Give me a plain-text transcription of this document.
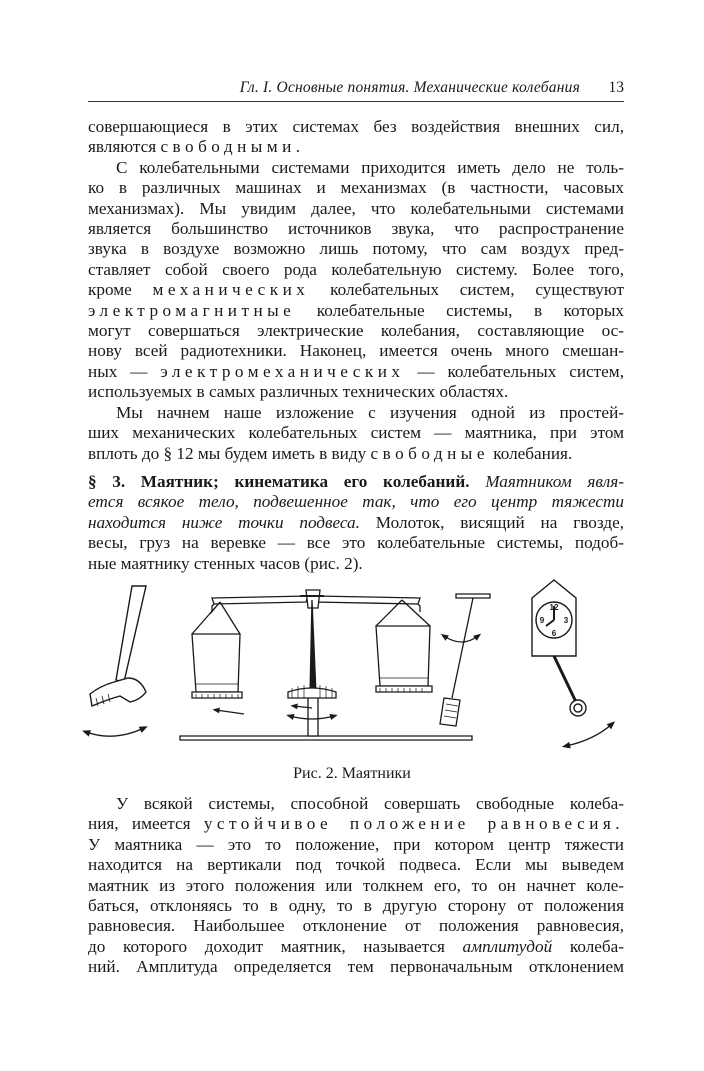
Гл. I. Основные понятия. Механические колебания 13

совершающиеся в этих системах без воздействия внешних сил,

являются свободными.

С колебательными системами приходится иметь дело не толь-

ко в различных машинах и механизмах (в частности, часовых

механизмах). Мы увидим далее, что колебательными системами

является большинство источников звука, что распространение

звука в воздухе возможно лишь потому, что сам воздух пред-

ставляет собой своего рода колебательную систему. Более того,

кроме механических колебательных систем, существуют

электромагнитные колебательные системы, в которых

могут совершаться электрические колебания, составляющие ос-

нову всей радиотехники. Наконец, имеется очень много смешан-

ных — электромеханических — колебательных систем,

используемых в самых различных технических областях.

Мы начнем наше изложение с изучения одной из простей-

ших механических колебательных систем — маятника, при этом

вплоть до § 12 мы будем иметь в виду свободные колебания.

§ 3. Маятник; кинематика его колебаний. Маятником явля-

ется всякое тело, подвешенное так, что его центр тяжести

находится ниже точки подвеса. Молоток, висящий на гвозде,

весы, груз на веревке — все это колебательные системы, подоб-

ные маятнику стенных часов (рис. 2).

12
3
6
9
Рис. 2. Маятники

У всякой системы, способной совершать свободные колеба-

ния, имеется устойчивое положение равновесия.

У маятника — это то положение, при котором центр тяжести

находится на вертикали под точкой подвеса. Если мы выведем

маятник из этого положения или толкнем его, то он начнет коле-

баться, отклоняясь то в одну, то в другую сторону от положения

равновесия. Наибольшее отклонение от положения равновесия,

до которого доходит маятник, называется амплитудой колеба-

ний. Амплитуда определяется тем первоначальным отклонением
